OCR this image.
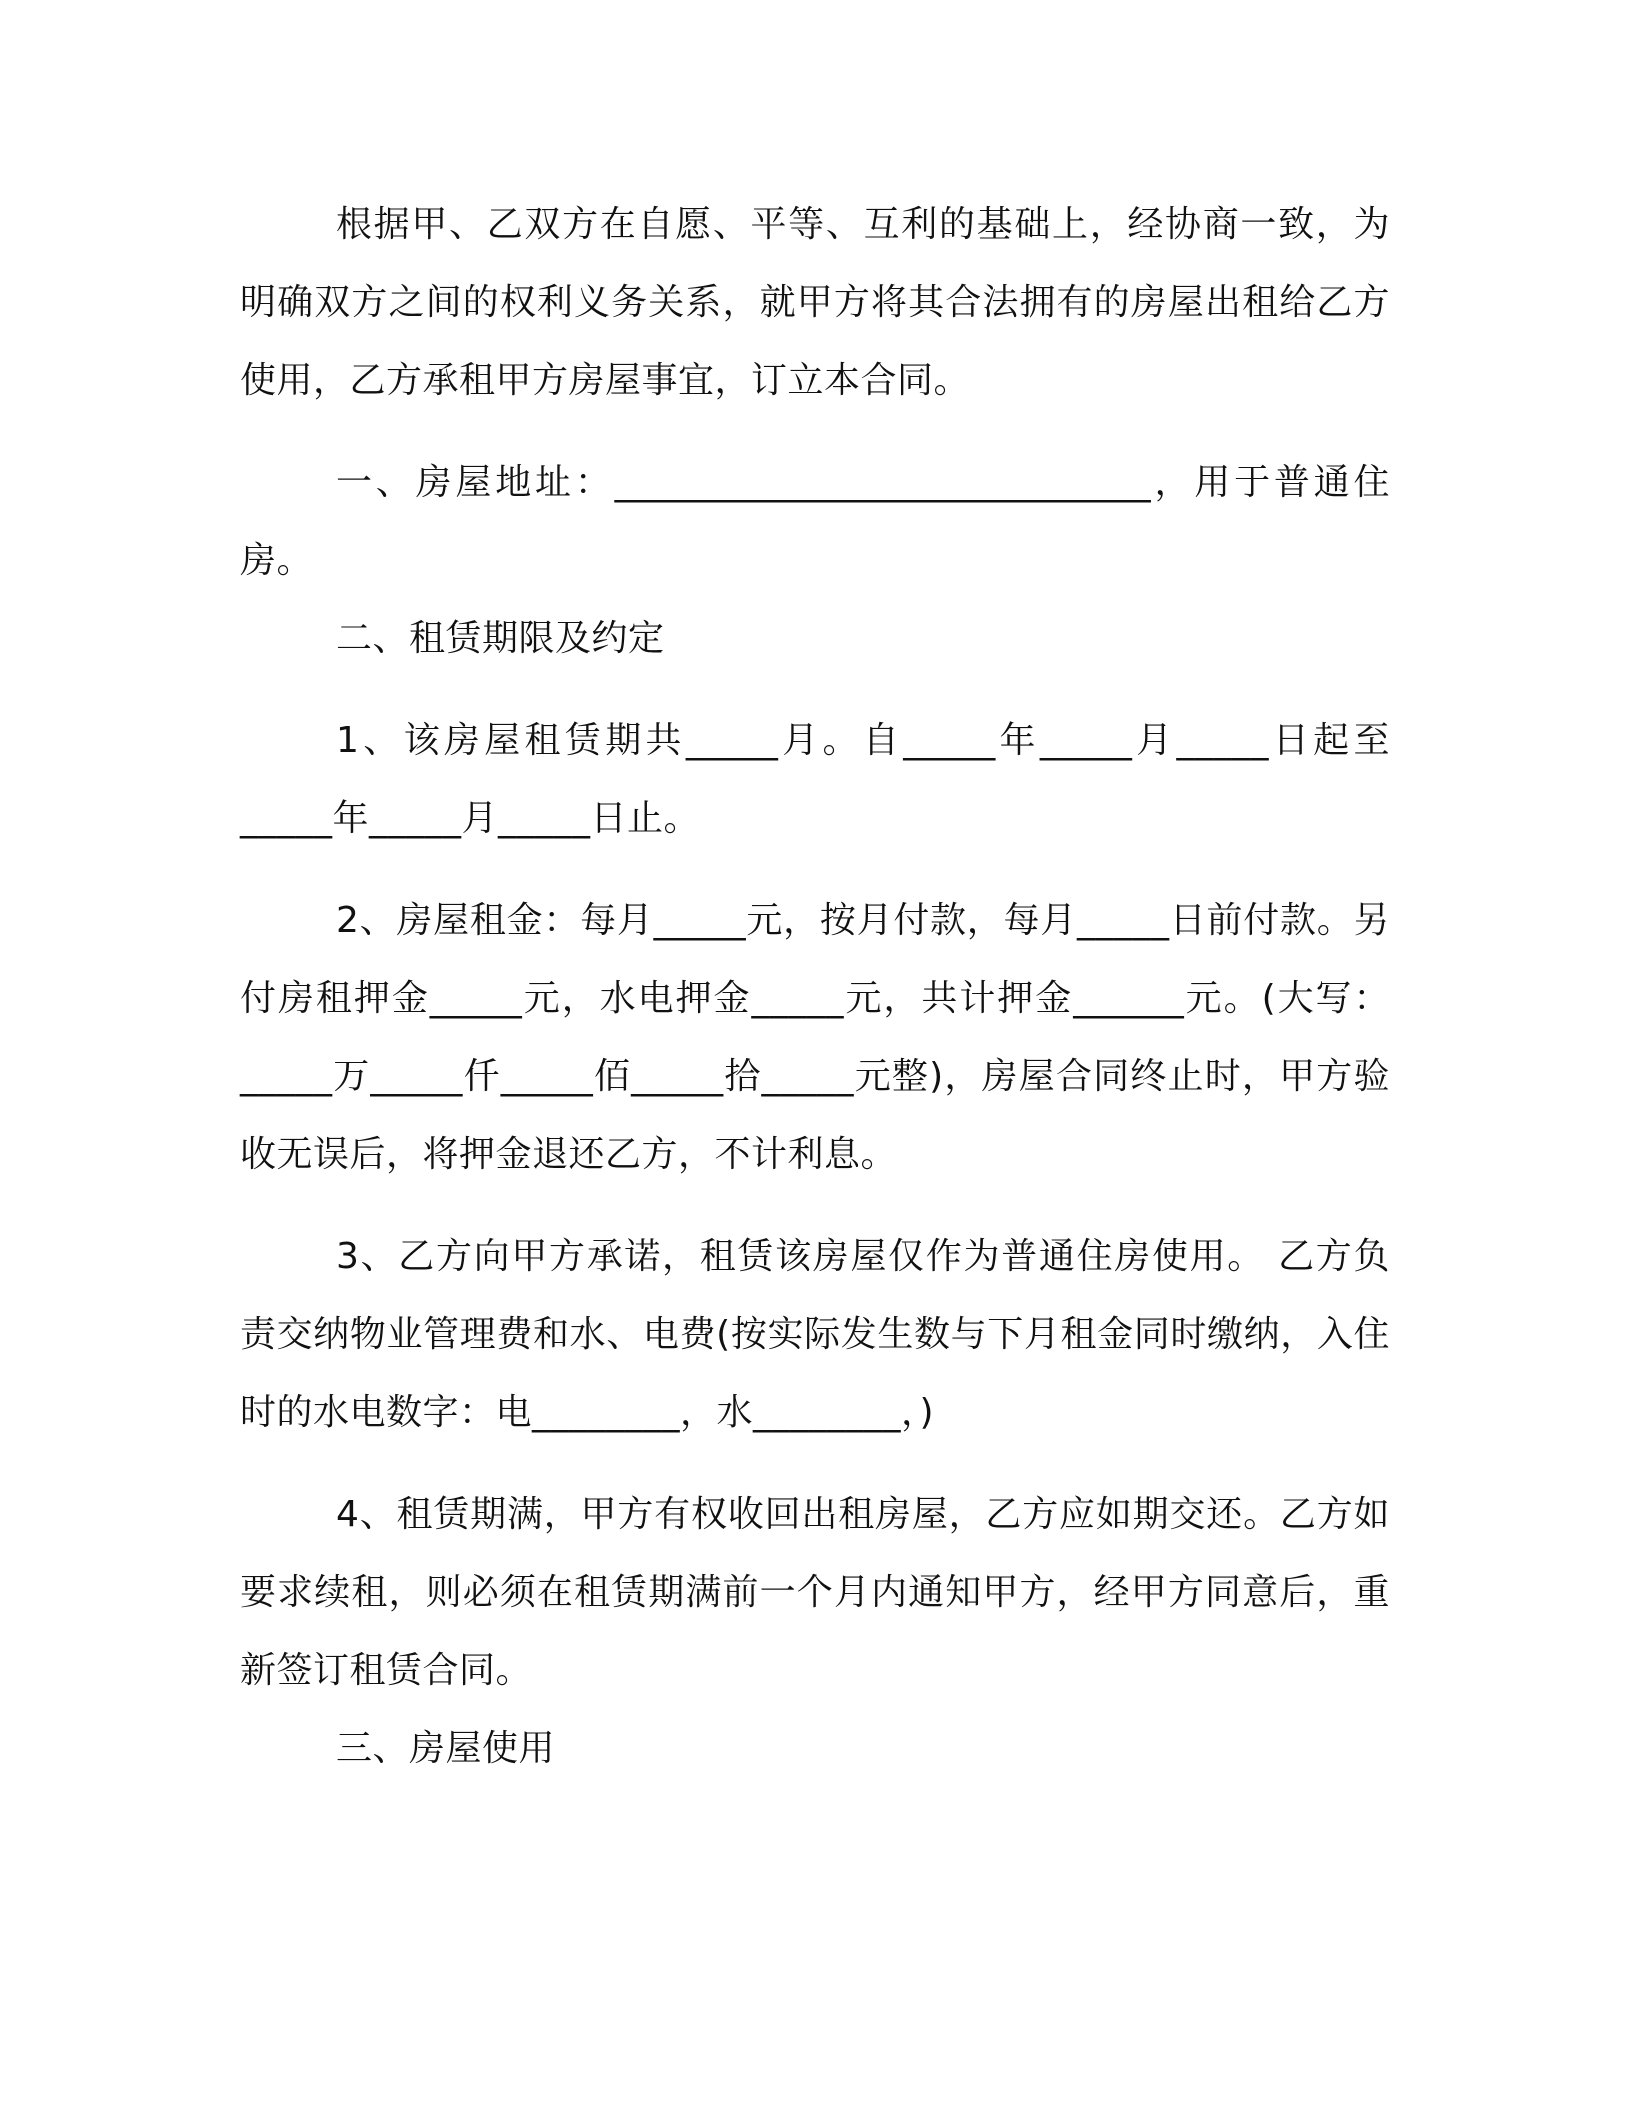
根据甲、乙双方在自愿、平等、互利的基础上，经协商一致，为明确双方之间的权利义务关系，就甲方将其合法拥有的房屋出租给乙方使用，乙方承租甲方房屋事宜，订立本合同。

一、房屋地址：_____________________________，用于普通住房。

二、租赁期限及约定

1、该房屋租赁期共_____月。自_____年_____月_____日起至_____年_____月_____日止。

2、房屋租金：每月_____元，按月付款，每月_____日前付款。另付房租押金_____元，水电押金_____元，共计押金______元。(大写：_____万_____仟_____佰_____拾_____元整)，房屋合同终止时，甲方验收无误后，将押金退还乙方，不计利息。

3、乙方向甲方承诺，租赁该房屋仅作为普通住房使用。 乙方负责交纳物业管理费和水、电费(按实际发生数与下月租金同时缴纳，入住时的水电数字：电________，水________，)

4、租赁期满，甲方有权收回出租房屋，乙方应如期交还。乙方如要求续租，则必须在租赁期满前一个月内通知甲方，经甲方同意后，重新签订租赁合同。

三、房屋使用
